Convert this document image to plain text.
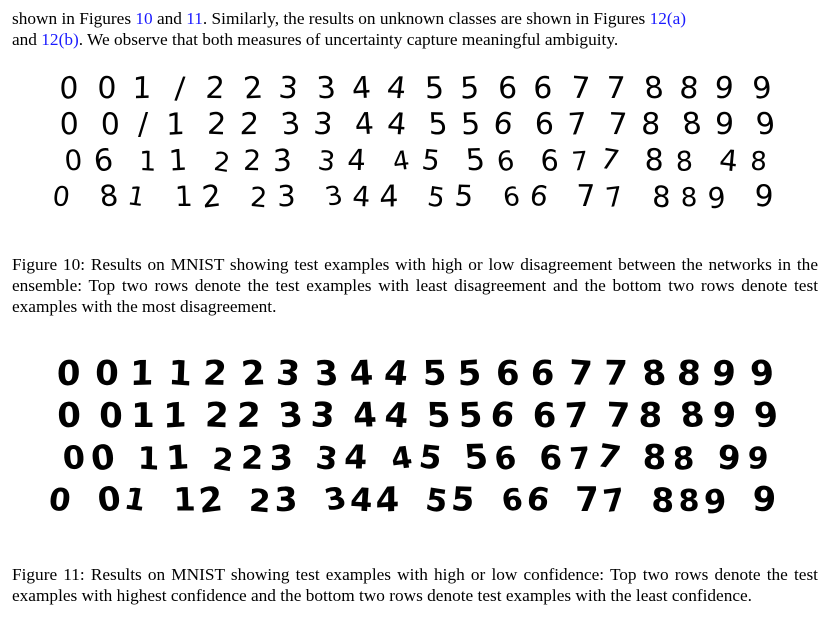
shown in Figures 10 and 11. Similarly, the results on unknown classes are shown in Figures 12(a)
and 12(b). We observe that both measures of uncertainty capture meaningful ambiguity.
0 0 1 / 2 2 3 3 4 4 5 5 6 6 7 7 8 8 9 9
0 0 / 1 2 2 3 3 4 4 5 5 6 6 7 7 8 8 9 9
0 6 1 1 2 2 3 3 4 4 5 5 6 6 7 7 8 8 4 8
0 8 1 1 2 2 3 3 4 4 5 5 6 6 7 7 8 8 9 9
Figure 10: Results on MNIST showing test examples with high or low disagreement between the networks in the ensemble: Top two rows denote the test examples with least disagreement and the bottom two rows denote test examples with the most disagreement.
0 0 1 1 2 2 3 3 4 4 5 5 6 6 7 7 8 8 9 9
0 0 1 1 2 2 3 3 4 4 5 5 6 6 7 7 8 8 9 9
0 0 1 1 2 2 3 3 4 4 5 5 6 6 7 7 8 8 9 9
0 0
1 1 2 2 3 3 4 4 5 5 6 6 7 7 8 8 9 9
Figure 11: Results on MNIST showing test examples with high or low confidence: Top two rows denote the test examples with highest confidence and the bottom two rows denote test examples with the least confidence.
